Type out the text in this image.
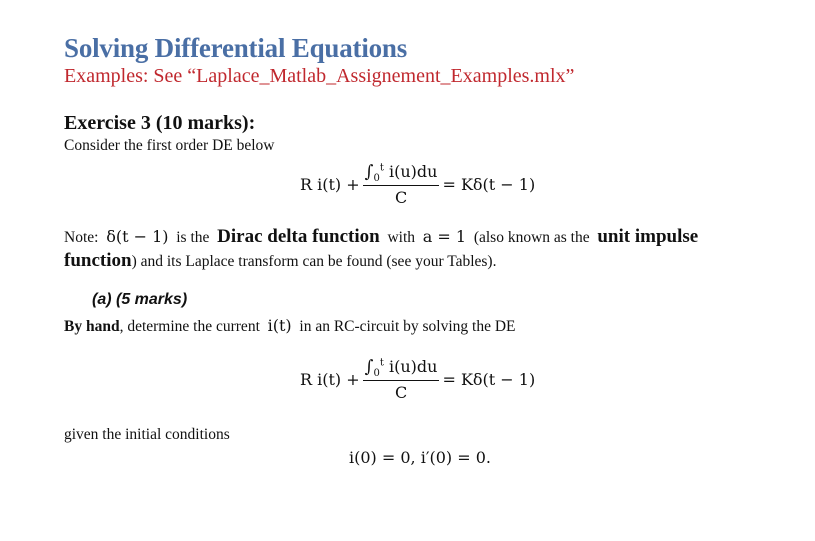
Solving Differential Equations
Examples: See “Laplace_Matlab_Assignement_Examples.mlx”
Exercise 3 (10 marks):
Consider the first order DE below
R $i(t) + \frac{\int_0^t i(u)du}{C} = K\delta(t - 1)$
Note: δ(t − 1) is the Dirac delta function with a = 1 (also known as the unit impulse
function) and its Laplace transform can be found (see your Tables).
(a) (5 marks)
By hand, determine the current i(t) in an RC-circuit by solving the DE
R $i(t) + \frac{\int_0^t i(u)du}{C} = K\delta(t - 1)$
given the initial conditions
i(0) = 0, i′(0) = 0.
